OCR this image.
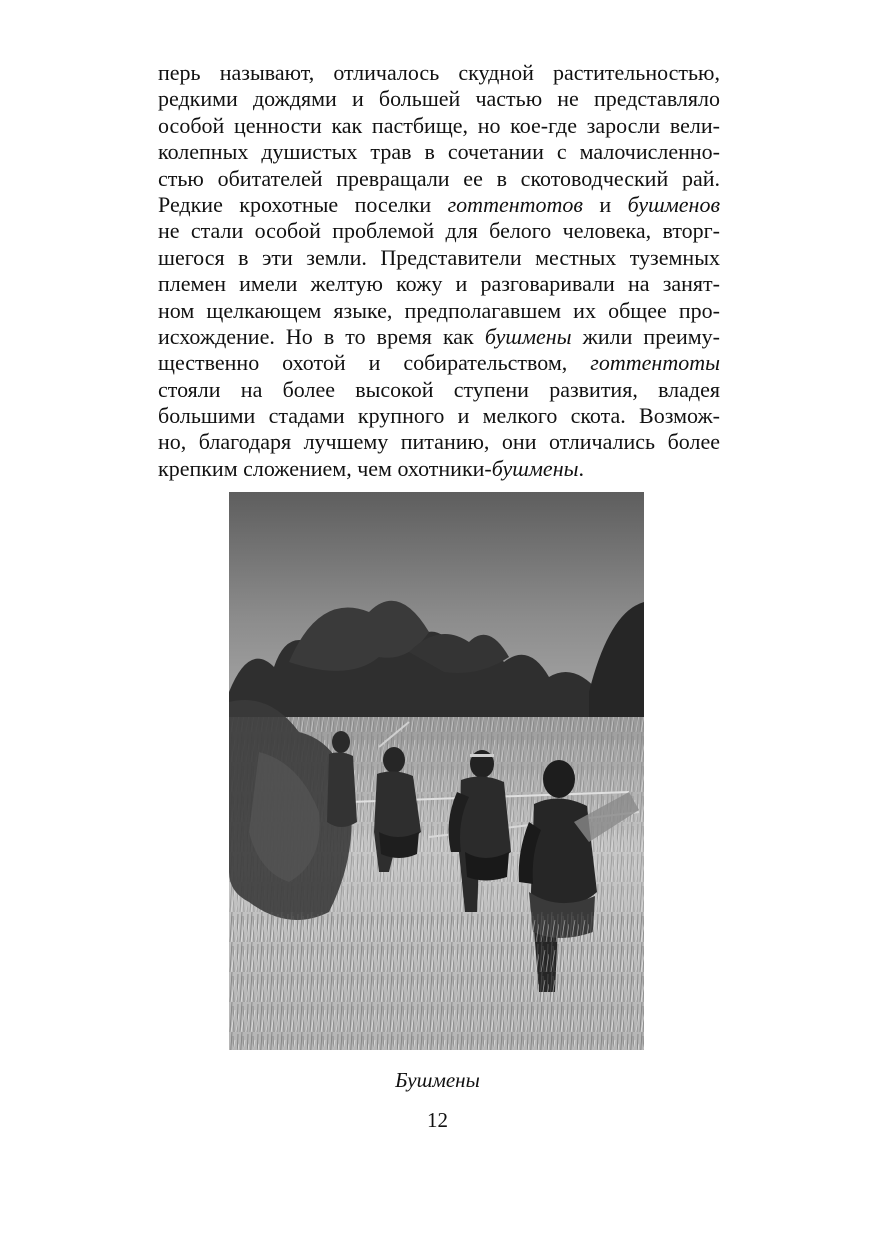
перь называют, отличалось скудной растительностью,
редкими дождями и большей частью не представляло
особой ценности как пастбище, но кое-где заросли вели-
колепных душистых трав в сочетании с малочисленно-
стью обитателей превращали ее в скотоводческий рай.
Редкие крохотные поселки готтентотов и бушменов
не стали особой проблемой для белого человека, вторг-
шегося в эти земли. Представители местных туземных
племен имели желтую кожу и разговаривали на занят-
ном щелкающем языке, предполагавшем их общее про-
исхождение. Но в то время как бушмены жили преиму-
щественно охотой и собирательством, готтентоты
стояли на более высокой ступени развития, владея
большими стадами крупного и мелкого скота. Возмож-
но, благодаря лучшему питанию, они отличались более
крепким сложением, чем охотники-бушмены.
Бушмены
12
